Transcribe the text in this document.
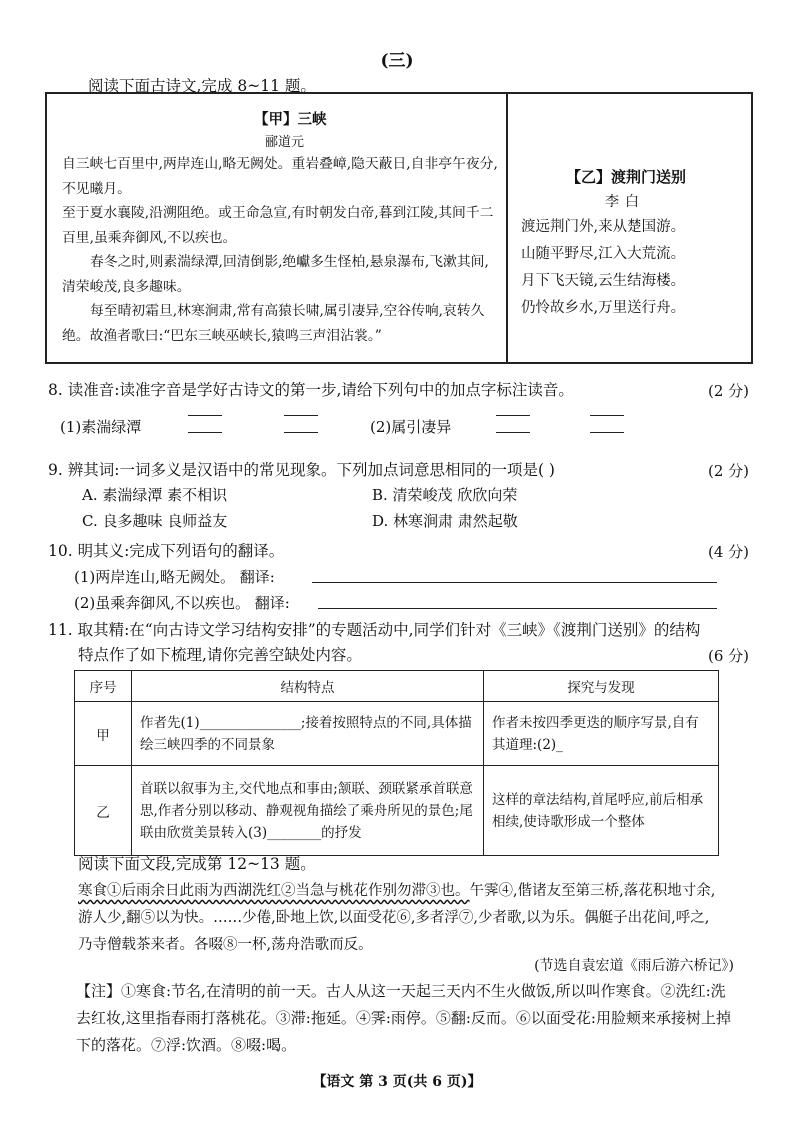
(三)
阅读下面古诗文,完成 8~11 题。
【甲】三峡
郦道元

自三峡七百里中,两岸连山,略无阙处。重岩叠嶂,隐天蔽日,自非亭午夜分,不见曦月。

至于夏水襄陵,沿溯阻绝。或王命急宣,有时朝发白帝,暮到江陵,其间千二百里,虽乘奔御风,不以疾也。

春冬之时,则素湍绿潭,回清倒影,绝巘多生怪柏,悬泉瀑布,飞漱其间,清荣峻茂,良多趣味。

每至晴初霜旦,林寒涧肃,常有高猿长啸,属引凄异,空谷传响,哀转久绝。故渔者歌曰:“巴东三峡巫峡长,猿鸣三声泪沾裳。”

【乙】渡荆门送别
李白
渡远荆门外,来从楚国游。
山随平野尽,江入大荒流。
月下飞天镜,云生结海楼。
仍怜故乡水,万里送行舟。
8. 读准音:读准字音是学好古诗文的第一步,请给下列句中的加点字标注读音。	(2 分)
(1)素湍绿潭	(2)属引凄异
9. 辨其词:一词多义是汉语中的常见现象。下列加点词意思相同的一项是( )	(2 分)
A. 素湍绿潭 素不相识	B. 清荣峻茂 欣欣向荣
C. 良多趣味 良师益友	D. 林寒涧肃 肃然起敬
10. 明其义:完成下列语句的翻译。	(4 分)
(1)两岸连山,略无阙处。 翻译:
(2)虽乘奔御风,不以疾也。 翻译:
11. 取其精:在“向古诗文学习结构安排”的专题活动中,同学们针对《三峡》《渡荆门送别》的结构
特点作了如下梳理,请你完善空缺处内容。	(6 分)
序号	结构特点	探究与发现
甲	作者先(1)_______________;接着按照特点的不同,具体描绘三峡四季的不同景象	作者未按四季更迭的顺序写景,自有其道理:(2)_
乙	首联以叙事为主,交代地点和事由;颔联、颈联紧承首联意思,作者分别以移动、静观视角描绘了乘舟所见的景色;尾联由欣赏美景转入(3)________的抒发	这样的章法结构,首尾呼应,前后相承相续,使诗歌形成一个整体
阅读下面文段,完成第 12~13 题。
寒食①后雨余日此雨为西湖洗红②当急与桃花作别勿滞③也。午霁④,偕诸友至第三桥,落花积地寸余,游人少,翻⑤以为快。……少倦,卧地上饮,以面受花⑥,多者浮⑦,少者歌,以为乐。偶艇子出花间,呼之,乃寺僧载茶来者。各啜⑧一杯,荡舟浩歌而反。
(节选自袁宏道《雨后游六桥记》)
【注】①寒食:节名,在清明的前一天。古人从这一天起三天内不生火做饭,所以叫作寒食。②洗红:洗去红妆,这里指春雨打落桃花。③滞:拖延。④霁:雨停。⑤翻:反而。⑥以面受花:用脸颊来承接树上掉下的落花。⑦浮:饮酒。⑧啜:喝。
【语文 第 3 页(共 6 页)】
